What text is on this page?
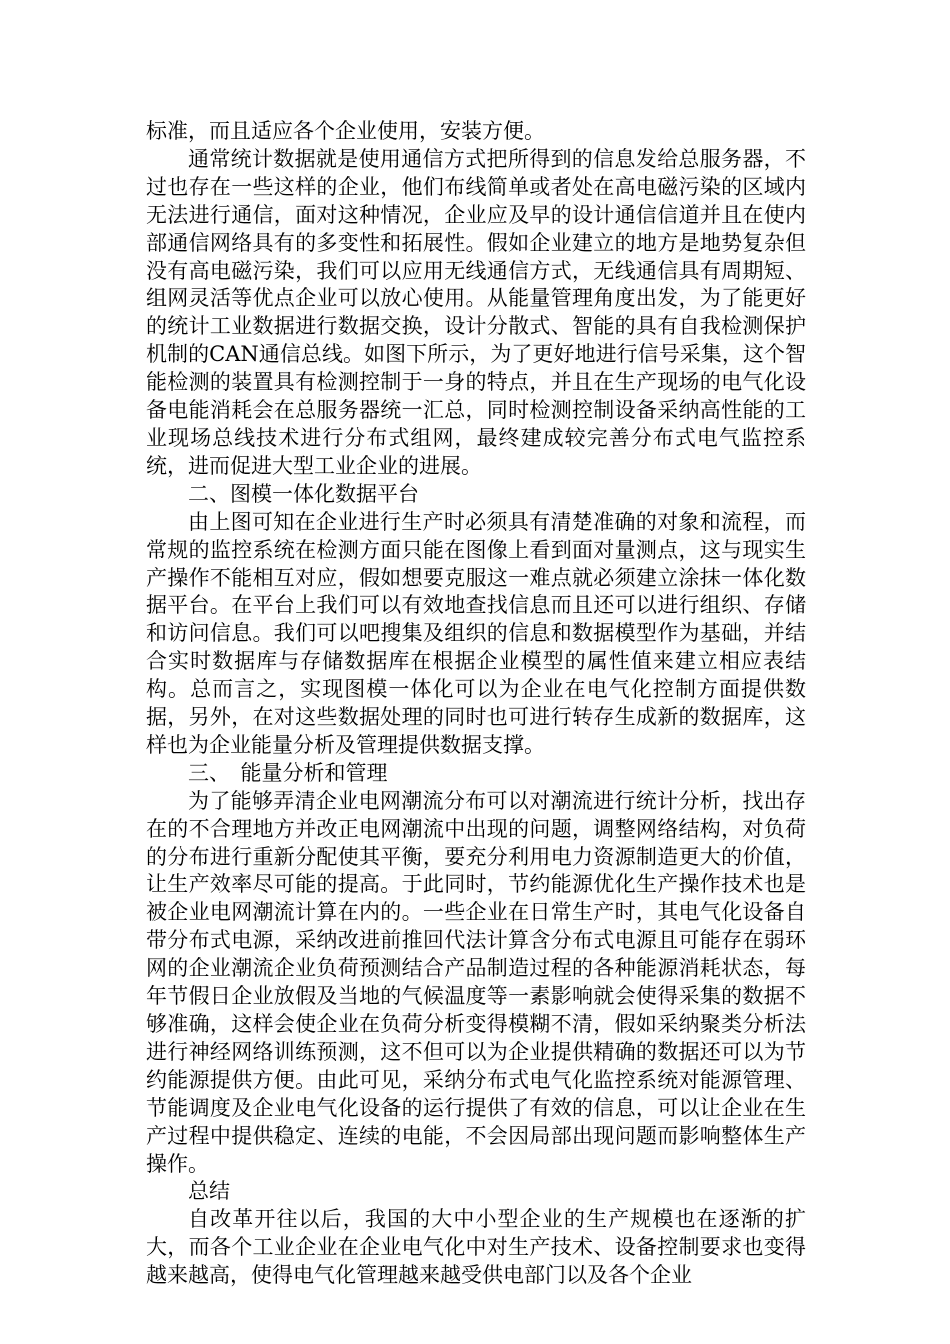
标准，而且适应各个企业使用，安装方便。

通常统计数据就是使用通信方式把所得到的信息发给总服务器，不过也存在一些这样的企业，他们布线简单或者处在高电磁污染的区域内无法进行通信，面对这种情况，企业应及早的设计通信信道并且在使内部通信网络具有的多变性和拓展性。假如企业建立的地方是地势复杂但没有高电磁污染，我们可以应用无线通信方式，无线通信具有周期短、组网灵活等优点企业可以放心使用。从能量管理角度出发，为了能更好的统计工业数据进行数据交换，设计分散式、智能的具有自我检测保护机制的CAN通信总线。如图下所示，为了更好地进行信号采集，这个智能检测的装置具有检测控制于一身的特点，并且在生产现场的电气化设备电能消耗会在总服务器统一汇总，同时检测控制设备采纳高性能的工业现场总线技术进行分布式组网，最终建成较完善分布式电气监控系统，进而促进大型工业企业的进展。

二、图模一体化数据平台

由上图可知在企业进行生产时必须具有清楚准确的对象和流程，而常规的监控系统在检测方面只能在图像上看到面对量测点，这与现实生产操作不能相互对应，假如想要克服这一难点就必须建立涂抹一体化数据平台。在平台上我们可以有效地查找信息而且还可以进行组织、存储和访问信息。我们可以吧搜集及组织的信息和数据模型作为基础，并结合实时数据库与存储数据库在根据企业模型的属性值来建立相应表结构。总而言之，实现图模一体化可以为企业在电气化控制方面提供数据，另外，在对这些数据处理的同时也可进行转存生成新的数据库，这样也为企业能量分析及管理提供数据支撑。

三、　能量分析和管理

为了能够弄清企业电网潮流分布可以对潮流进行统计分析，找出存在的不合理地方并改正电网潮流中出现的问题，调整网络结构，对负荷的分布进行重新分配使其平衡，要充分利用电力资源制造更大的价值，让生产效率尽可能的提高。于此同时，节约能源优化生产操作技术也是被企业电网潮流计算在内的。一些企业在日常生产时，其电气化设备自带分布式电源，采纳改进前推回代法计算含分布式电源且可能存在弱环网的企业潮流企业负荷预测结合产品制造过程的各种能源消耗状态，每年节假日企业放假及当地的气候温度等一素影响就会使得采集的数据不够准确，这样会使企业在负荷分析变得模糊不清，假如采纳聚类分析法进行神经网络训练预测，这不但可以为企业提供精确的数据还可以为节约能源提供方便。由此可见，采纳分布式电气化监控系统对能源管理、节能调度及企业电气化设备的运行提供了有效的信息，可以让企业在生产过程中提供稳定、连续的电能，不会因局部出现问题而影响整体生产操作。

总结

自改革开往以后，我国的大中小型企业的生产规模也在逐渐的扩大，而各个工业企业在企业电气化中对生产技术、设备控制要求也变得越来越高，使得电气化管理越来越受供电部门以及各个企业
